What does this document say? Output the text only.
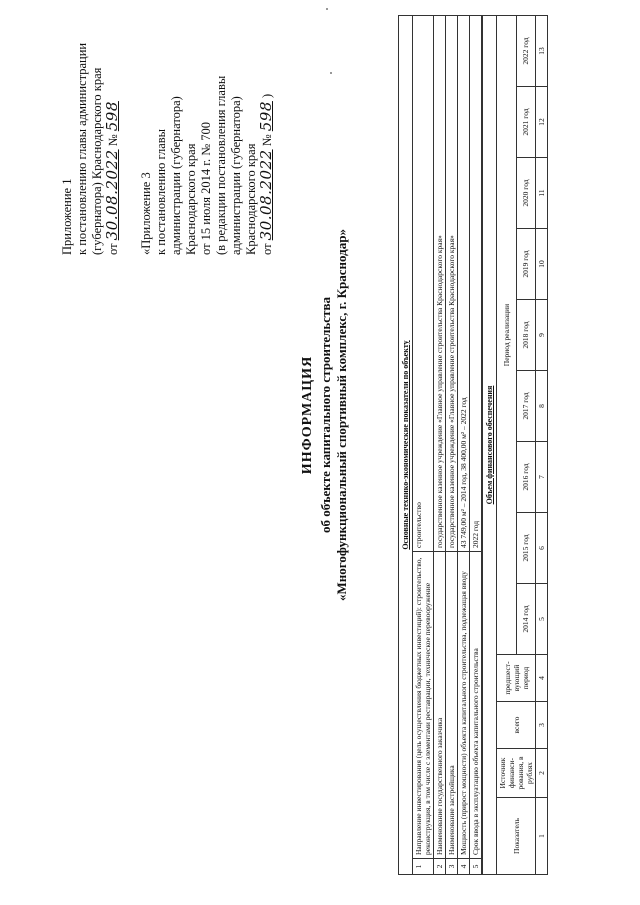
Приложение 1 к постановлению главы администрации (губернатора) Краснодарского края от 30.08.2022 № 598

«Приложение 3 к постановлению главы администрации (губернатора) Краснодарского края от 15 июля 2014 г. № 700 (в редакции постановления главы администрации (губернатора) Краснодарского края от 30.08.2022 № 598 )

ИНФОРМАЦИЯ об объекте капитального строительства «Многофункциональный спортивный комплекс, г. Краснодар»	Основные технико-экономические показатели по объекту		
1	Направление инвестирования (цель осуществления бюджетных инвестиций): строительство, реконструкция, в том числе с элементами реставрации, техническое перевооружение	строительство
2	Наименование государственного заказчика	государственное казенное учреждение «Главное управление строительства Краснодарского края»
3	Наименование застройщика	государственное казенное учреждение «Главное управление строительства Краснодарского края»
4	Мощность (прирост мощности) объекта капитального строительства, подлежащая вводу	43 749,00 м² – 2014 год, 38 400,00 м² – 2022 год
5	Срок ввода в эксплуатацию объекта капитального строительства	2022 год
Объем финансового обеспечения												
Показатель	Источник финанси-рования, в рублях	всего	предшест-вующий период	Период реализации								
				2014 год	2015 год	2016 год	2017 год	2018 год	2019 год	2020 год	2021 год	2022 год
1	2	3	4	5	6	7	8	9	10	11	12	13
